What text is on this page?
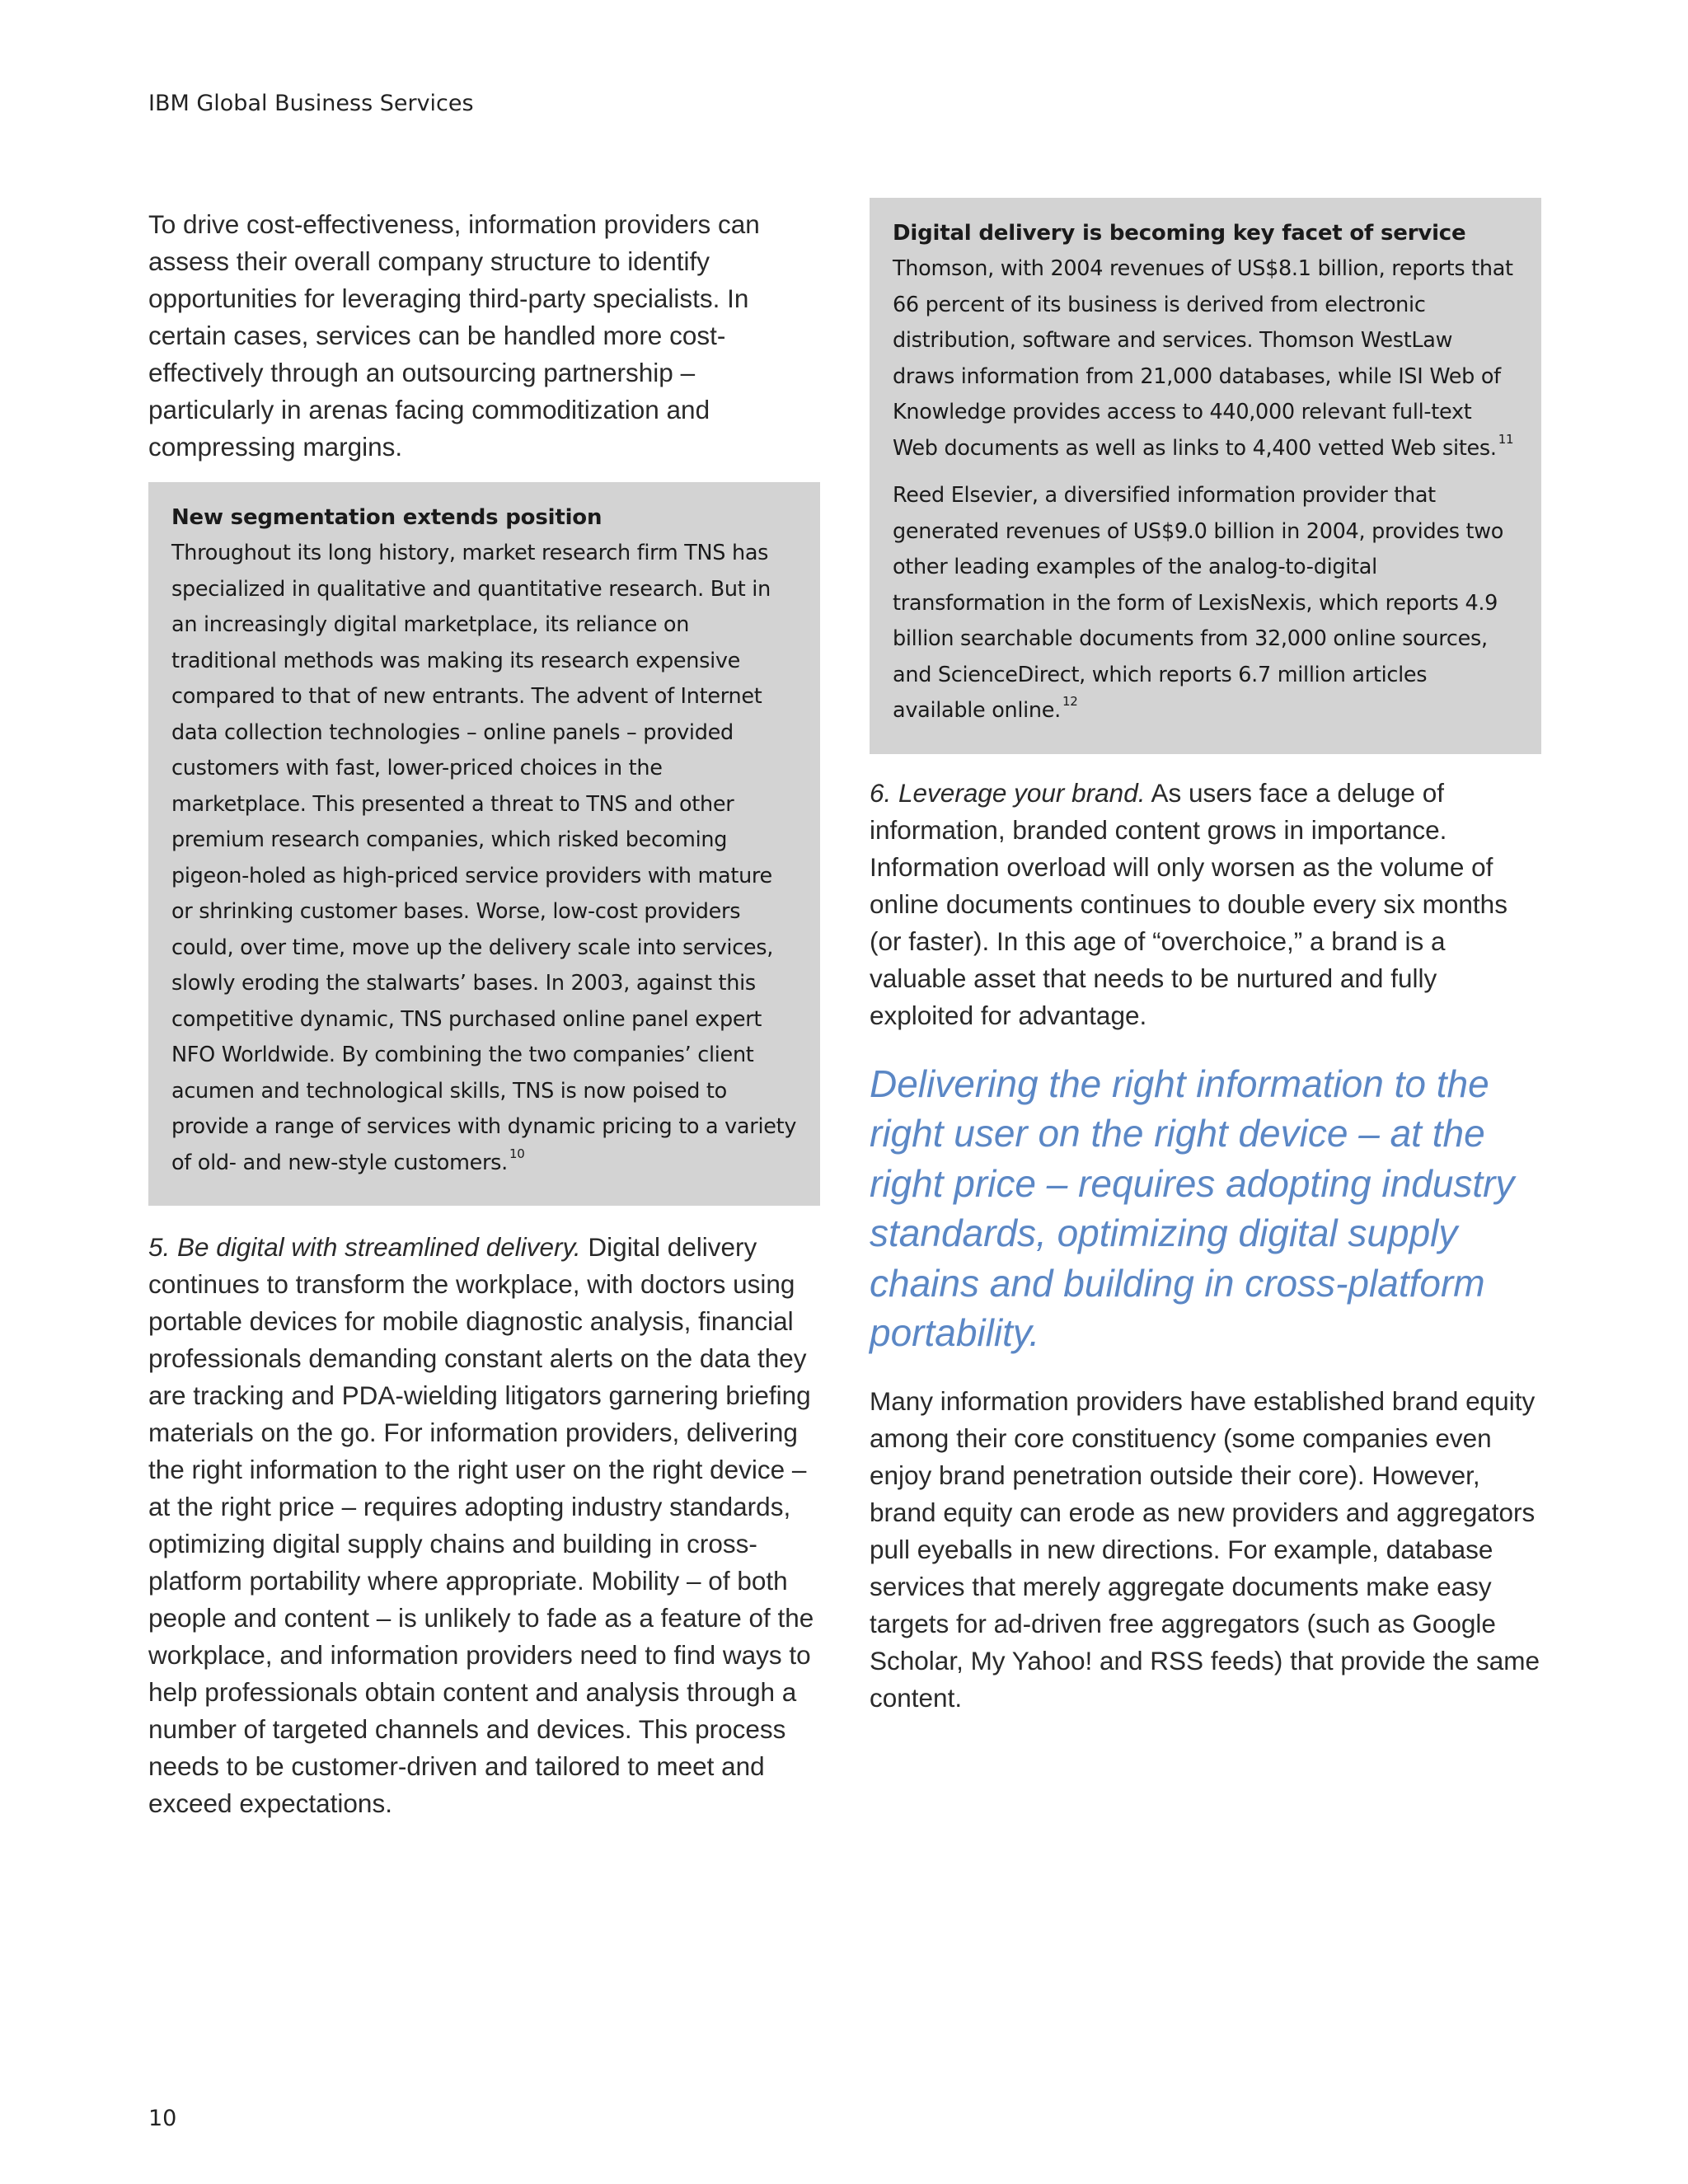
IBM Global Business Services

To drive cost-effectiveness, information providers can assess their overall company structure to identify opportunities for leveraging third-party specialists. In certain cases, services can be handled more cost-effectively through an outsourcing partnership – particularly in arenas facing commoditization and compressing margins.

New segmentation extends position

Throughout its long history, market research firm TNS has specialized in qualitative and quantitative research. But in an increasingly digital marketplace, its reliance on traditional methods was making its research expensive compared to that of new entrants. The advent of Internet data collection technologies – online panels – provided customers with fast, lower-priced choices in the marketplace. This presented a threat to TNS and other premium research companies, which risked becoming pigeon-holed as high-priced service providers with mature or shrinking customer bases. Worse, low-cost providers could, over time, move up the delivery scale into services, slowly eroding the stalwarts’ bases. In 2003, against this competitive dynamic, TNS purchased online panel expert NFO Worldwide. By combining the two companies’ client acumen and technological skills, TNS is now poised to provide a range of services with dynamic pricing to a variety of old- and new-style customers. $^{10}$

5. Be digital with streamlined delivery. Digital delivery continues to transform the workplace, with doctors using portable devices for mobile diagnostic analysis, financial professionals demanding constant alerts on the data they are tracking and PDA-wielding litigators garnering briefing materials on the go. For information providers, delivering the right information to the right user on the right device – at the right price – requires adopting industry standards, optimizing digital supply chains and building in cross-platform portability where appropriate. Mobility – of both people and content – is unlikely to fade as a feature of the workplace, and information providers need to find ways to help professionals obtain content and analysis through a number of targeted channels and devices. This process needs to be customer-driven and tailored to meet and exceed expectations.

Digital delivery is becoming key facet of service

Thomson, with 2004 revenues of US$8.1 billion, reports that 66 percent of its business is derived from electronic distribution, software and services. Thomson WestLaw draws information from 21,000 databases, while ISI Web of Knowledge provides access to 440,000 relevant full-text Web documents as well as links to 4,400 vetted Web sites. $^{11}$

Reed Elsevier, a diversified information provider that generated revenues of US$9.0 billion in 2004, provides two other leading examples of the analog-to-digital transformation in the form of LexisNexis, which reports 4.9 billion searchable documents from 32,000 online sources, and ScienceDirect, which reports 6.7 million articles available online. $^{12}$

6. Leverage your brand. As users face a deluge of information, branded content grows in importance. Information overload will only worsen as the volume of online documents continues to double every six months (or faster). In this age of “overchoice,” a brand is a valuable asset that needs to be nurtured and fully exploited for advantage.

Delivering the right information to the right user on the right device – at the right price – requires adopting industry standards, optimizing digital supply chains and building in cross-platform portability.

Many information providers have established brand equity among their core constituency (some companies even enjoy brand penetration outside their core). However, brand equity can erode as new providers and aggregators pull eyeballs in new directions. For example, database services that merely aggregate documents make easy targets for ad-driven free aggregators (such as Google Scholar, My Yahoo! and RSS feeds) that provide the same content.

10
